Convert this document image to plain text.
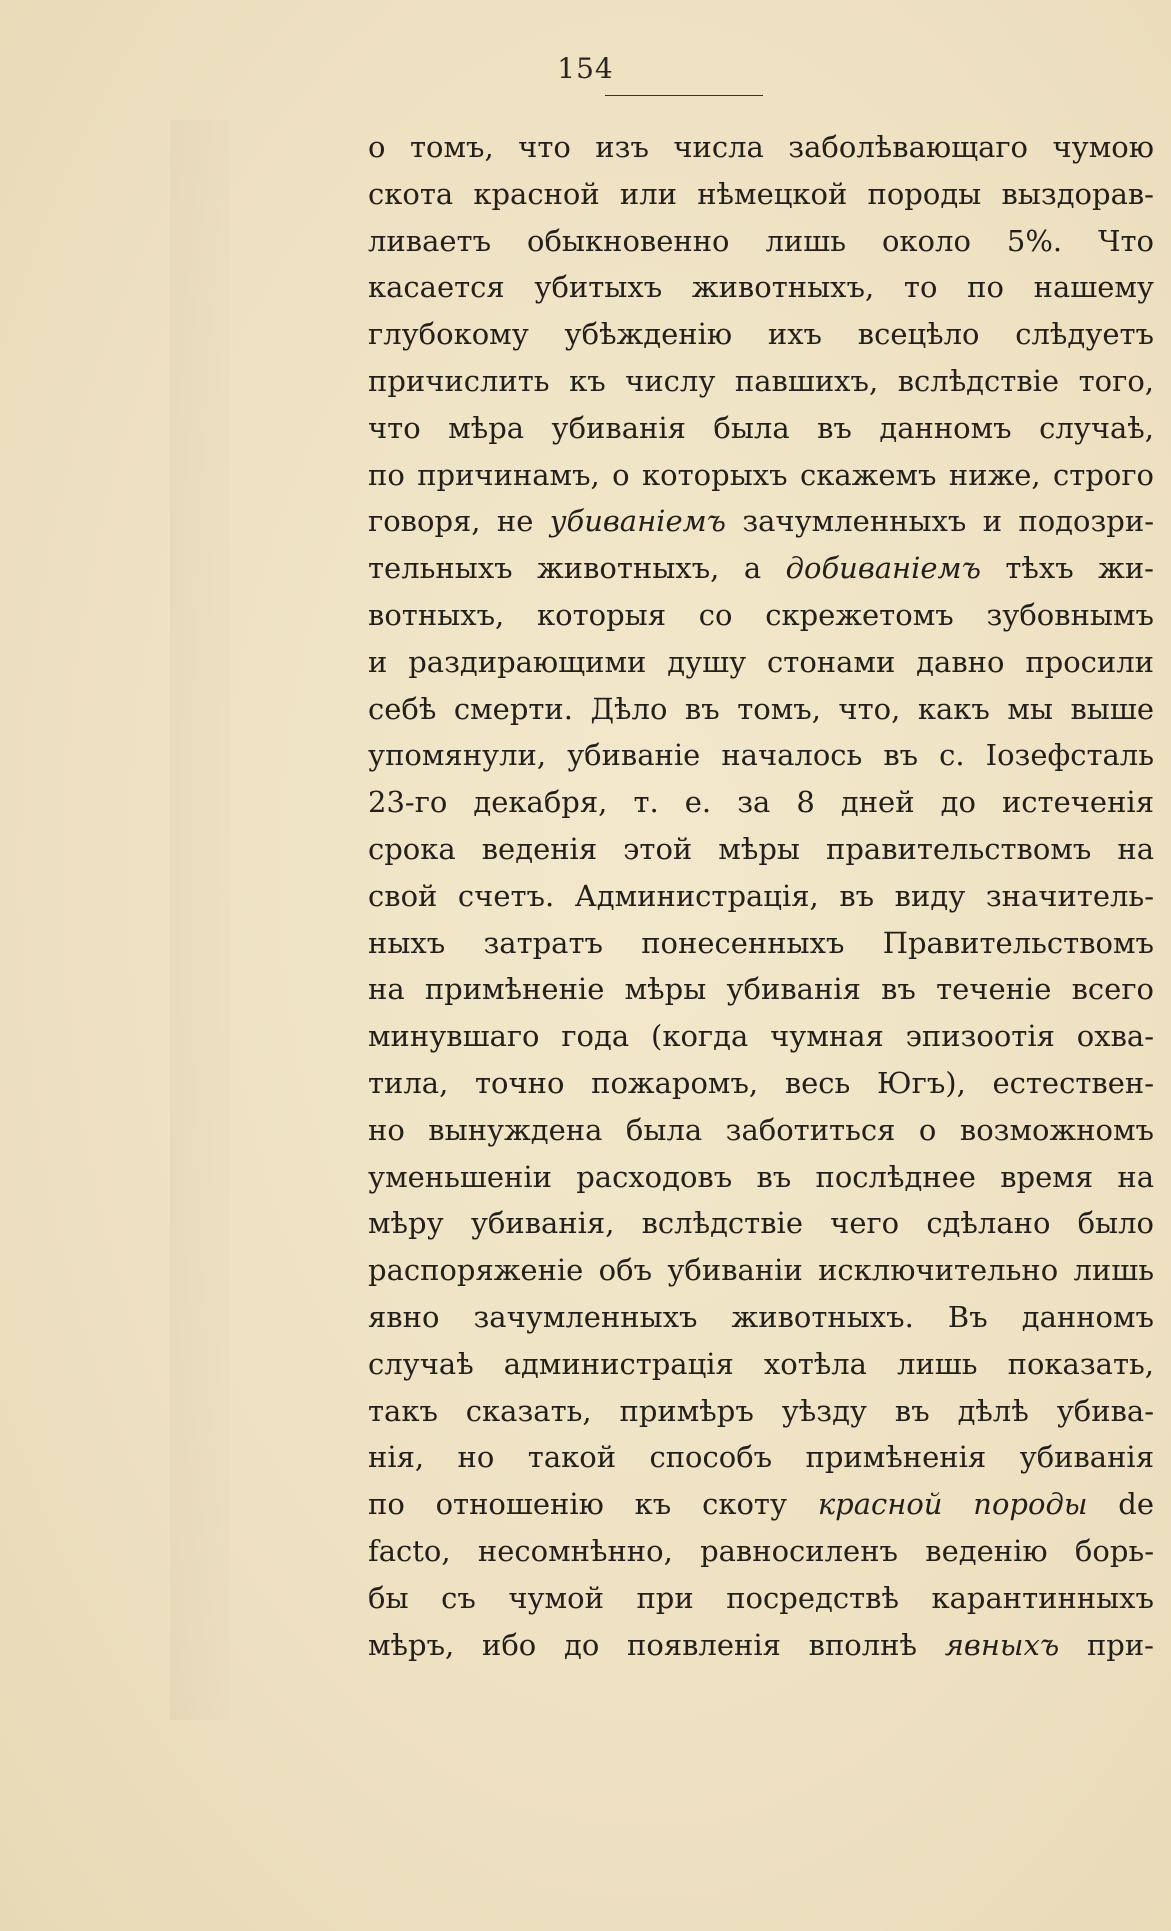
154
о томъ, что изъ числа заболѣвающаго чумою
скота красной или нѣмецкой породы выздорав-
ливаетъ обыкновенно лишь около 5%. Что
касается убитыхъ животныхъ, то по нашему
глубокому убѣжденію ихъ всецѣло слѣдуетъ
причислить къ числу павшихъ, вслѣдствіе того,
что мѣра убиванія была въ данномъ случаѣ,
по причинамъ, о которыхъ скажемъ ниже, строго
говоря, не убиваніемъ зачумленныхъ и подозри-
тельныхъ животныхъ, а добиваніемъ тѣхъ жи-
вотныхъ, которыя со скрежетомъ зубовнымъ
и раздирающими душу стонами давно просили
себѣ смерти. Дѣло въ томъ, что, какъ мы выше
упомянули, убиваніе началось въ с. Іозефсталь
23-го декабря, т. е. за 8 дней до истеченія
срока веденія этой мѣры правительствомъ на
свой счетъ. Администрація, въ виду значитель-
ныхъ затратъ понесенныхъ Правительствомъ
на примѣненіе мѣры убиванія въ теченіе всего
минувшаго года (когда чумная эпизоотія охва-
тила, точно пожаромъ, весь Югъ), естествен-
но вынуждена была заботиться о возможномъ
уменьшеніи расходовъ въ послѣднее время на
мѣру убиванія, вслѣдствіе чего сдѣлано было
распоряженіе объ убиваніи исключительно лишь
явно зачумленныхъ животныхъ. Въ данномъ
случаѣ администрація хотѣла лишь показать,
такъ сказать, примѣръ уѣзду въ дѣлѣ убива-
нія, но такой способъ примѣненія убиванія
по отношенію къ скоту красной породы de
facto, несомнѣнно, равносиленъ веденію борь-
бы съ чумой при посредствѣ карантинныхъ
мѣръ, ибо до появленія вполнѣ явныхъ при-
